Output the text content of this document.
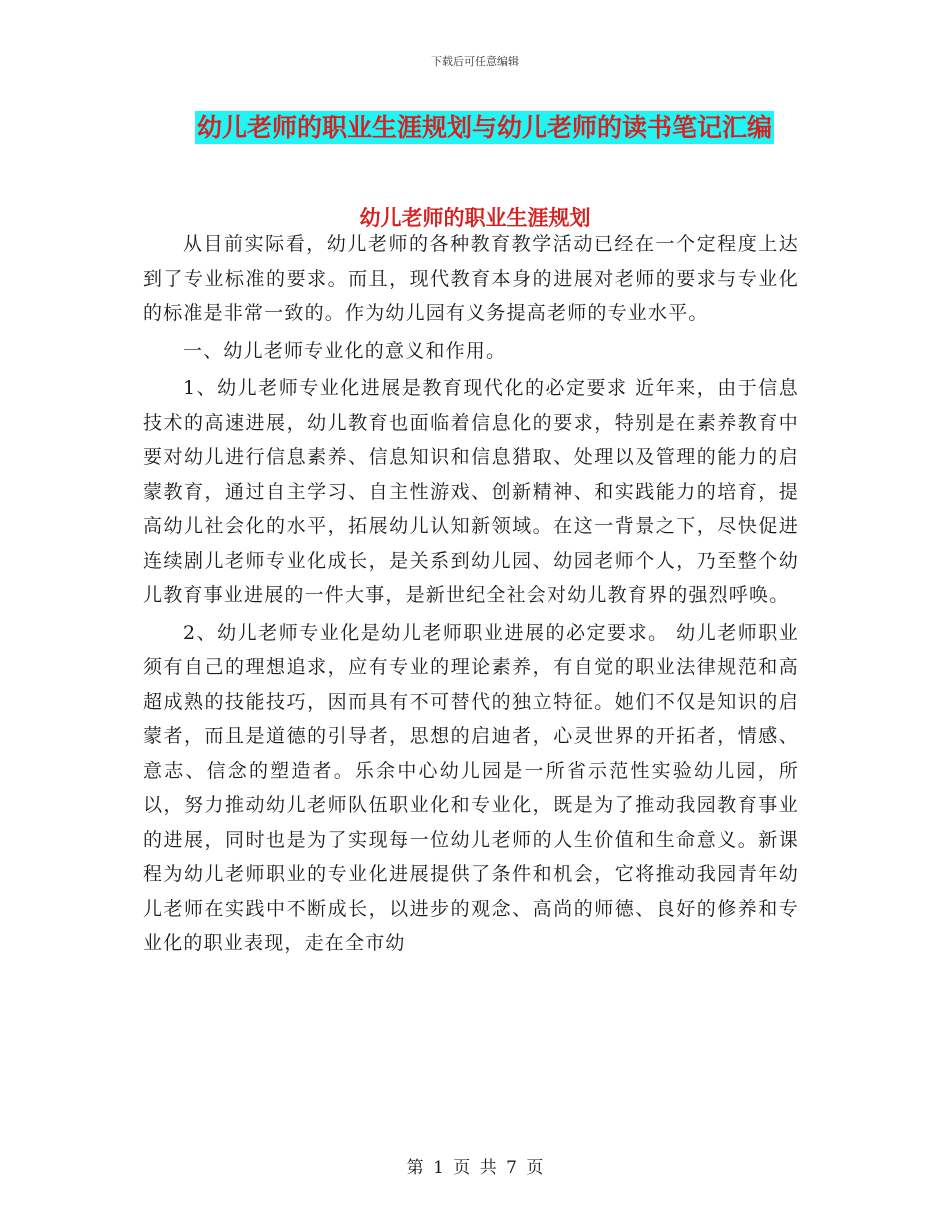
下载后可任意编辑
幼儿老师的职业生涯规划与幼儿老师的读书笔记汇编
幼儿老师的职业生涯规划

从目前实际看，幼儿老师的各种教育教学活动已经在一个定程度上达到了专业标准的要求。而且，现代教育本身的进展对老师的要求与专业化的标准是非常一致的。作为幼儿园有义务提高老师的专业水平。

一、幼儿老师专业化的意义和作用。

1、幼儿老师专业化进展是教育现代化的必定要求 近年来，由于信息技术的高速进展，幼儿教育也面临着信息化的要求，特别是在素养教育中要对幼儿进行信息素养、信息知识和信息猎取、处理以及管理的能力的启蒙教育，通过自主学习、自主性游戏、创新精神、和实践能力的培育，提高幼儿社会化的水平，拓展幼儿认知新领域。在这一背景之下，尽快促进连续剧儿老师专业化成长，是关系到幼儿园、幼园老师个人，乃至整个幼儿教育事业进展的一件大事，是新世纪全社会对幼儿教育界的强烈呼唤。

2、幼儿老师专业化是幼儿老师职业进展的必定要求。 幼儿老师职业须有自己的理想追求，应有专业的理论素养，有自觉的职业法律规范和高超成熟的技能技巧，因而具有不可替代的独立特征。她们不仅是知识的启蒙者，而且是道德的引导者，思想的启迪者，心灵世界的开拓者，情感、意志、信念的塑造者。乐余中心幼儿园是一所省示范性实验幼儿园，所以，努力推动幼儿老师队伍职业化和专业化，既是为了推动我园教育事业的进展，同时也是为了实现每一位幼儿老师的人生价值和生命意义。新课程为幼儿老师职业的专业化进展提供了条件和机会，它将推动我园青年幼儿老师在实践中不断成长，以进步的观念、高尚的师德、良好的修养和专业化的职业表现，走在全市幼

第 1 页 共 7 页
